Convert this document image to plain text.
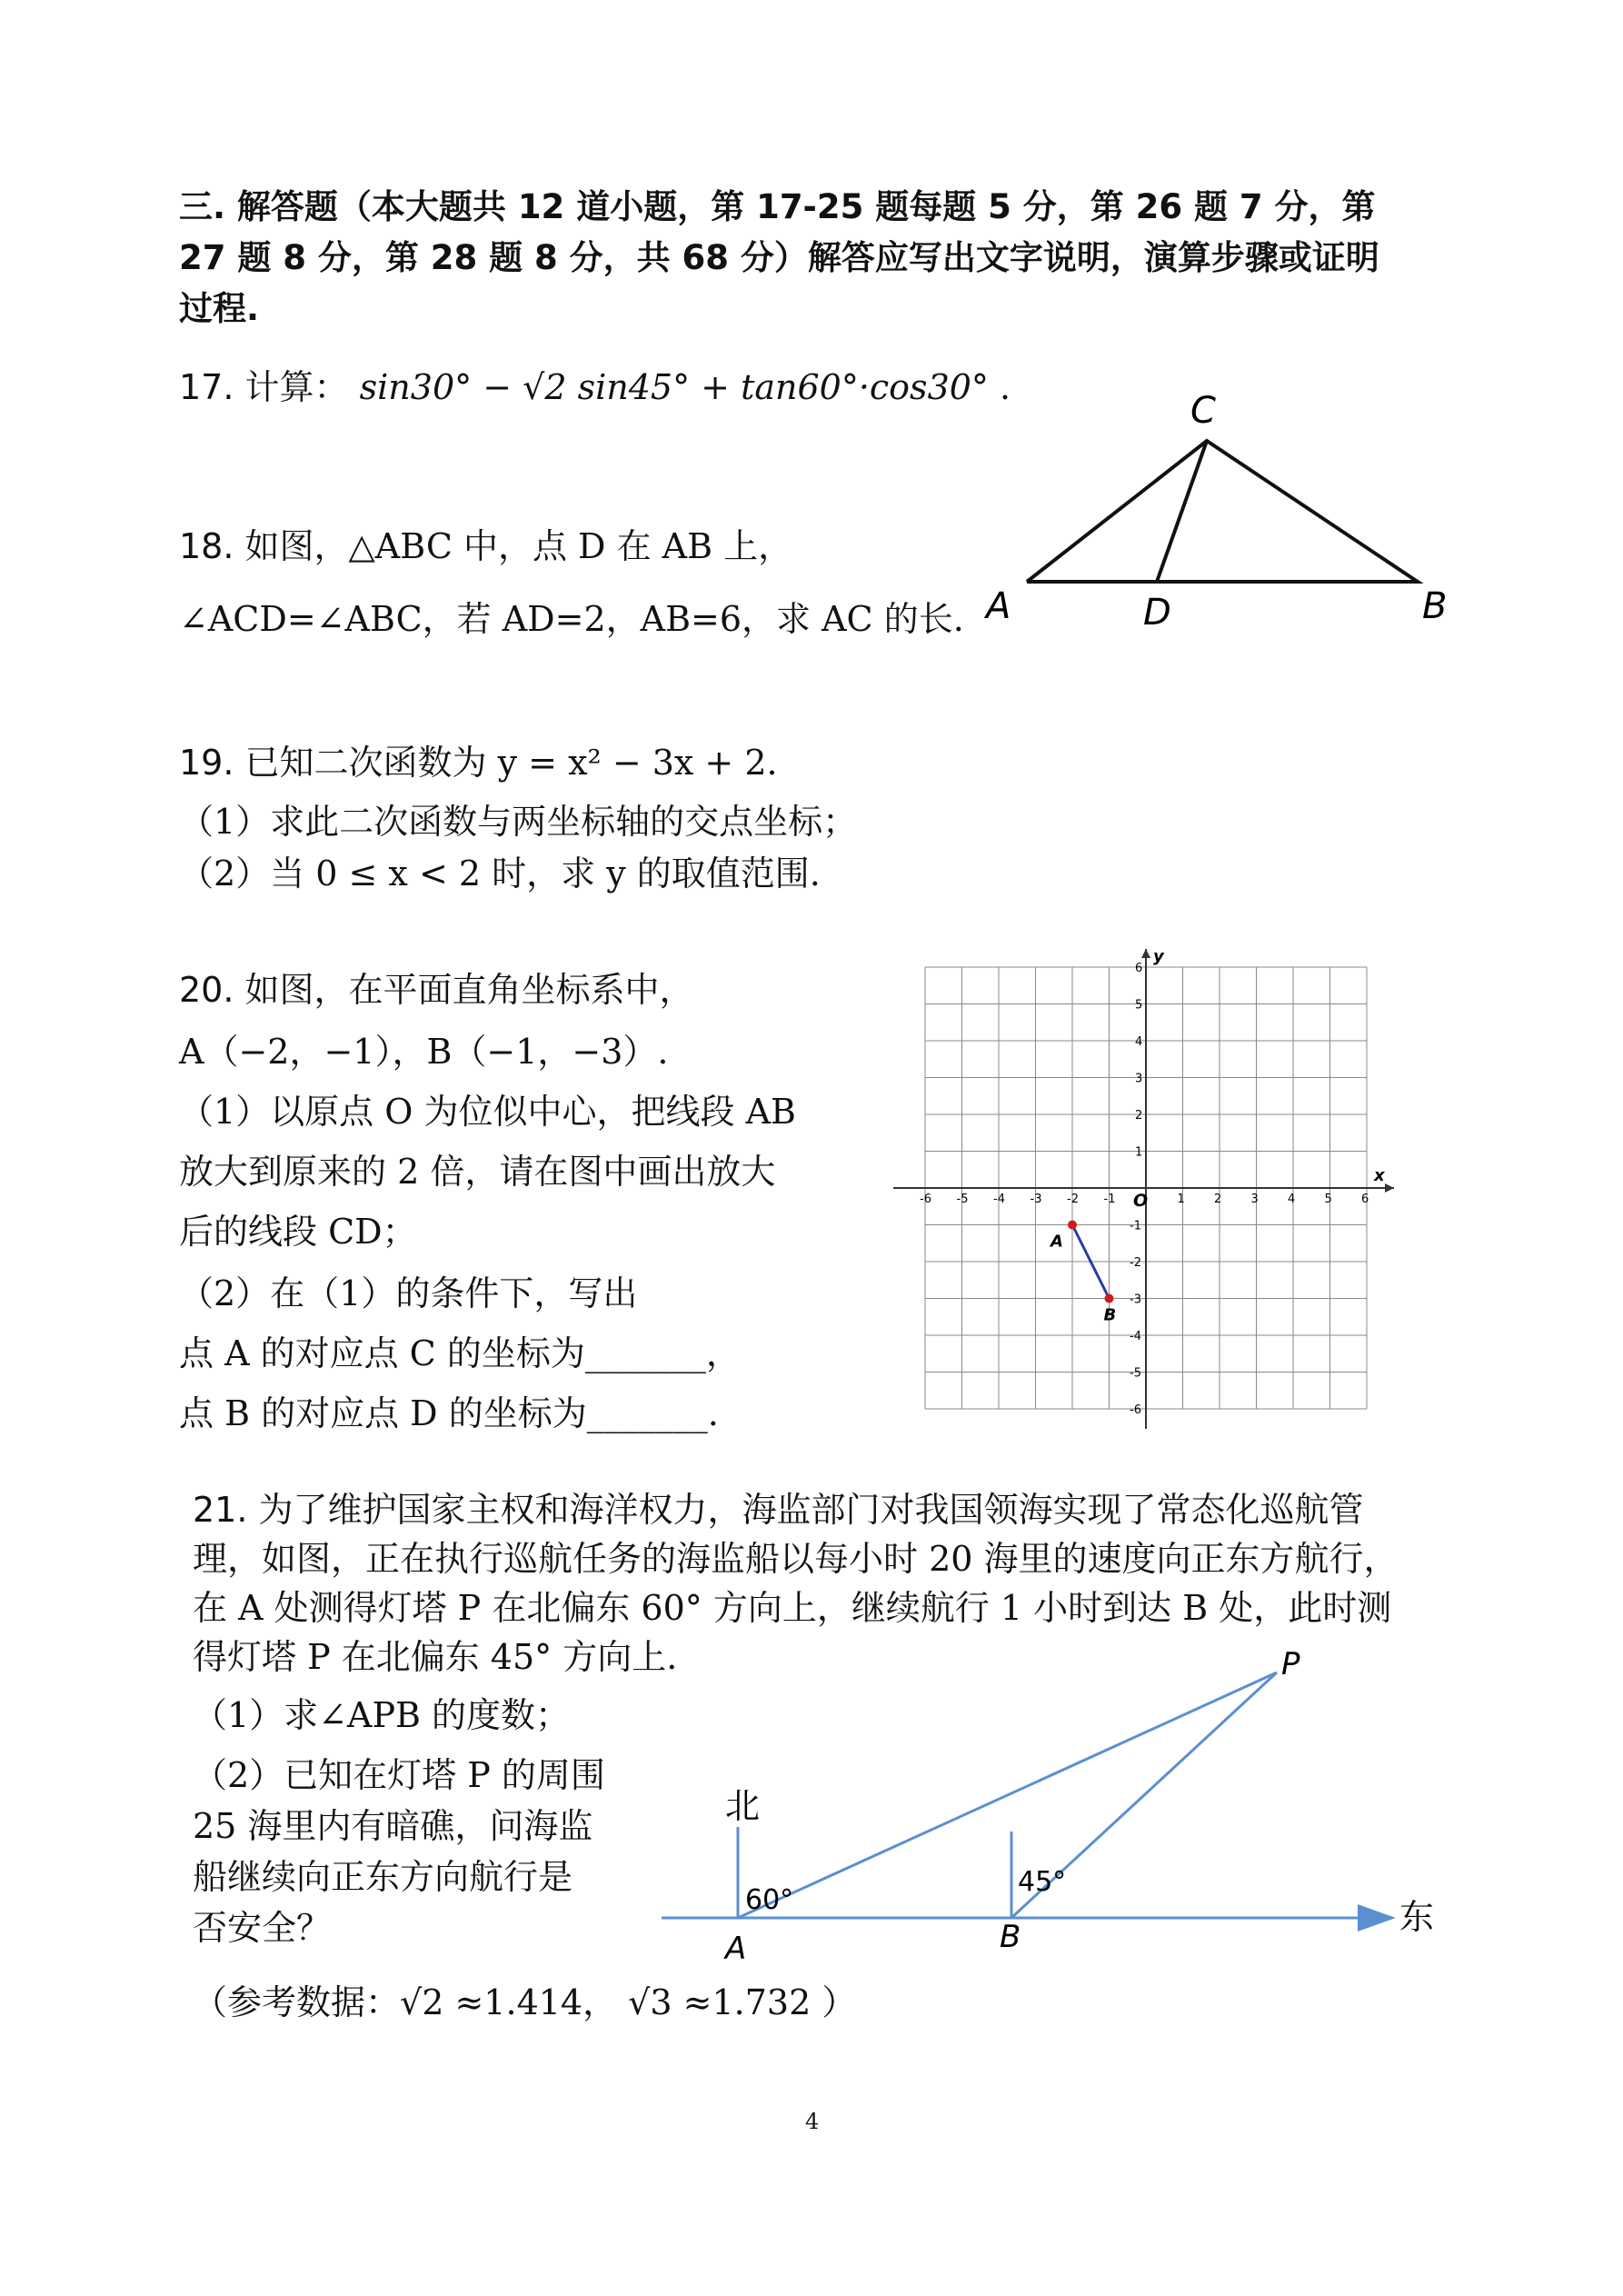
三. 解答题（本大题共 12 道小题，第 17-25 题每题 5 分，第 26 题 7 分，第
27 题 8 分，第 28 题 8 分，共 68 分）解答应写出文字说明，演算步骤或证明
过程.
17. 计算： sin30° − √2 sin45° + tan60°·cos30° .
18. 如图，△ABC 中，点 D 在 AB 上，
∠ACD=∠ABC，若 AD=2，AB=6，求 AC 的长.
C
A	D	B
19. 已知二次函数为 y = x² − 3x + 2.
（1）求此二次函数与两坐标轴的交点坐标；
（2）当 0 ≤ x < 2 时，求 y 的取值范围.
20. 如图，在平面直角坐标系中，
A（−2，−1），B（−1，−3）.
（1）以原点 O 为位似中心，把线段 AB
放大到原来的 2 倍，请在图中画出放大
后的线段 CD；
（2）在（1）的条件下，写出
点 A 的对应点 C 的坐标为_______，
点 B 的对应点 D 的坐标为_______.
-6
-6
-5
-5
-4
-4
-3
-3
-2
-2
-1
-1
1
1
2
2
3
3
4
4
5
5
6
6
O
x
y
A
B
21. 为了维护国家主权和海洋权力，海监部门对我国领海实现了常态化巡航管
理，如图，正在执行巡航任务的海监船以每小时 20 海里的速度向正东方航行，
在 A 处测得灯塔 P 在北偏东 60° 方向上，继续航行 1 小时到达 B 处，此时测
得灯塔 P 在北偏东 45° 方向上.
（1）求∠APB 的度数；
（2）已知在灯塔 P 的周围
25 海里内有暗礁，问海监
船继续向正东方向航行是
否安全？
（参考数据：√2 ≈1.414， √3 ≈1.732 ）
北
东
60°
45°
A	B
P
4
